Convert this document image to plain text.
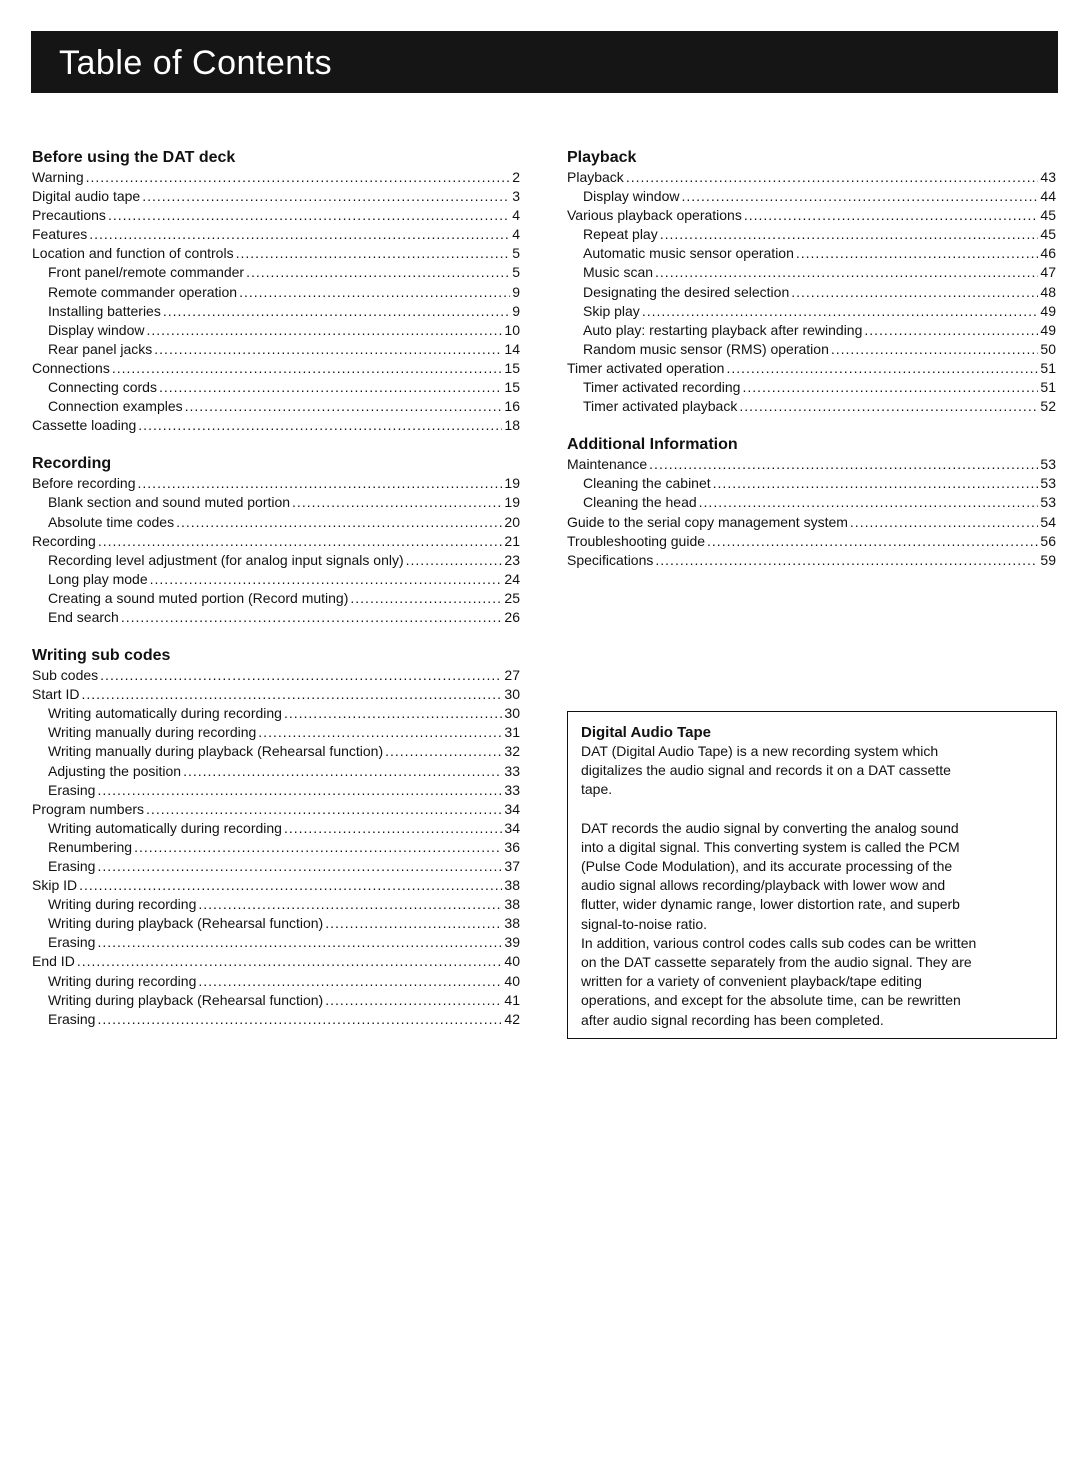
Table of Contents
Before using the DAT deck
Warning .....	2
Digital audio tape .....	3
Precautions .....	4
Features .....	4
Location and function of controls .....	5
Front panel/remote commander .....	5
Remote commander operation .....	9
Installing batteries .....	9
Display window .....	10
Rear panel jacks .....	14
Connections .....	15
Connecting cords .....	15
Connection examples .....	16
Cassette loading .....	18
Recording
Before recording .....	19
Blank section and sound muted portion .....	19
Absolute time codes .....	20
Recording .....	21
Recording level adjustment (for analog input signals only) .....	23
Long play mode .....	24
Creating a sound muted portion (Record muting) .....	25
End search .....	26
Writing sub codes
Sub codes .....	27
Start ID .....	30
Writing automatically during recording .....	30
Writing manually during recording .....	31
Writing manually during playback (Rehearsal function) .....	32
Adjusting the position .....	33
Erasing .....	33
Program numbers .....	34
Writing automatically during recording .....	34
Renumbering .....	36
Erasing .....	37
Skip ID .....	38
Writing during recording .....	38
Writing during playback (Rehearsal function) .....	38
Erasing .....	39
End ID .....	40
Writing during recording .....	40
Writing during playback (Rehearsal function) .....	41
Erasing .....	42
Playback
Playback .....	43
Display window .....	44
Various playback operations .....	45
Repeat play .....	45
Automatic music sensor operation .....	46
Music scan .....	47
Designating the desired selection .....	48
Skip play .....	49
Auto play: restarting playback after rewinding .....	49
Random music sensor (RMS) operation .....	50
Timer activated operation .....	51
Timer activated recording .....	51
Timer activated playback .....	52
Additional Information
Maintenance .....	53
Cleaning the cabinet .....	53
Cleaning the head .....	53
Guide to the serial copy management system .....	54
Troubleshooting guide .....	56
Specifications .....	59
Digital Audio Tape

DAT (Digital Audio Tape) is a new recording system which
digitalizes the audio signal and records it on a DAT cassette
tape.

DAT records the audio signal by converting the analog sound
into a digital signal. This converting system is called the PCM
(Pulse Code Modulation), and its accurate processing of the
audio signal allows recording/playback with lower wow and
flutter, wider dynamic range, lower distortion rate, and superb
signal-to-noise ratio.

In addition, various control codes calls sub codes can be written
on the DAT cassette separately from the audio signal. They are
written for a variety of convenient playback/tape editing
operations, and except for the absolute time, can be rewritten
after audio signal recording has been completed.
